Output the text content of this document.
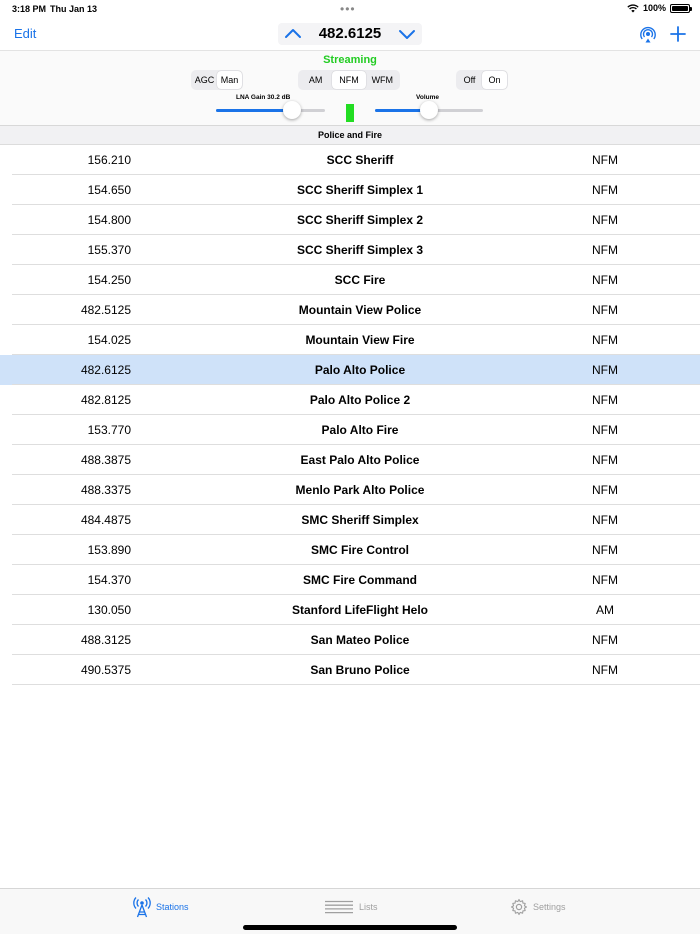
3:18 PM Thu Jan 13	•••	100%
Edit	482.6125
Streaming
AGC Man	AM	NFM	WFM	Off	On
LNA Gain 30.2 dB	Volume
Police and Fire
156.210	SCC Sheriff	NFM
154.650	SCC Sheriff Simplex 1	NFM
154.800	SCC Sheriff Simplex 2	NFM
155.370	SCC Sheriff Simplex 3	NFM
154.250	SCC Fire	NFM
482.5125	Mountain View Police	NFM
154.025	Mountain View Fire	NFM
482.6125	Palo Alto Police	NFM
482.8125	Palo Alto Police 2	NFM
153.770	Palo Alto Fire	NFM
488.3875	East Palo Alto Police	NFM
488.3375	Menlo Park Alto Police	NFM
484.4875	SMC Sheriff Simplex	NFM
153.890	SMC Fire Control	NFM
154.370	SMC Fire Command	NFM
130.050	Stanford LifeFlight Helo	AM
488.3125	San Mateo Police	NFM
490.5375	San Bruno Police	NFM
Stations	Lists	Settings
